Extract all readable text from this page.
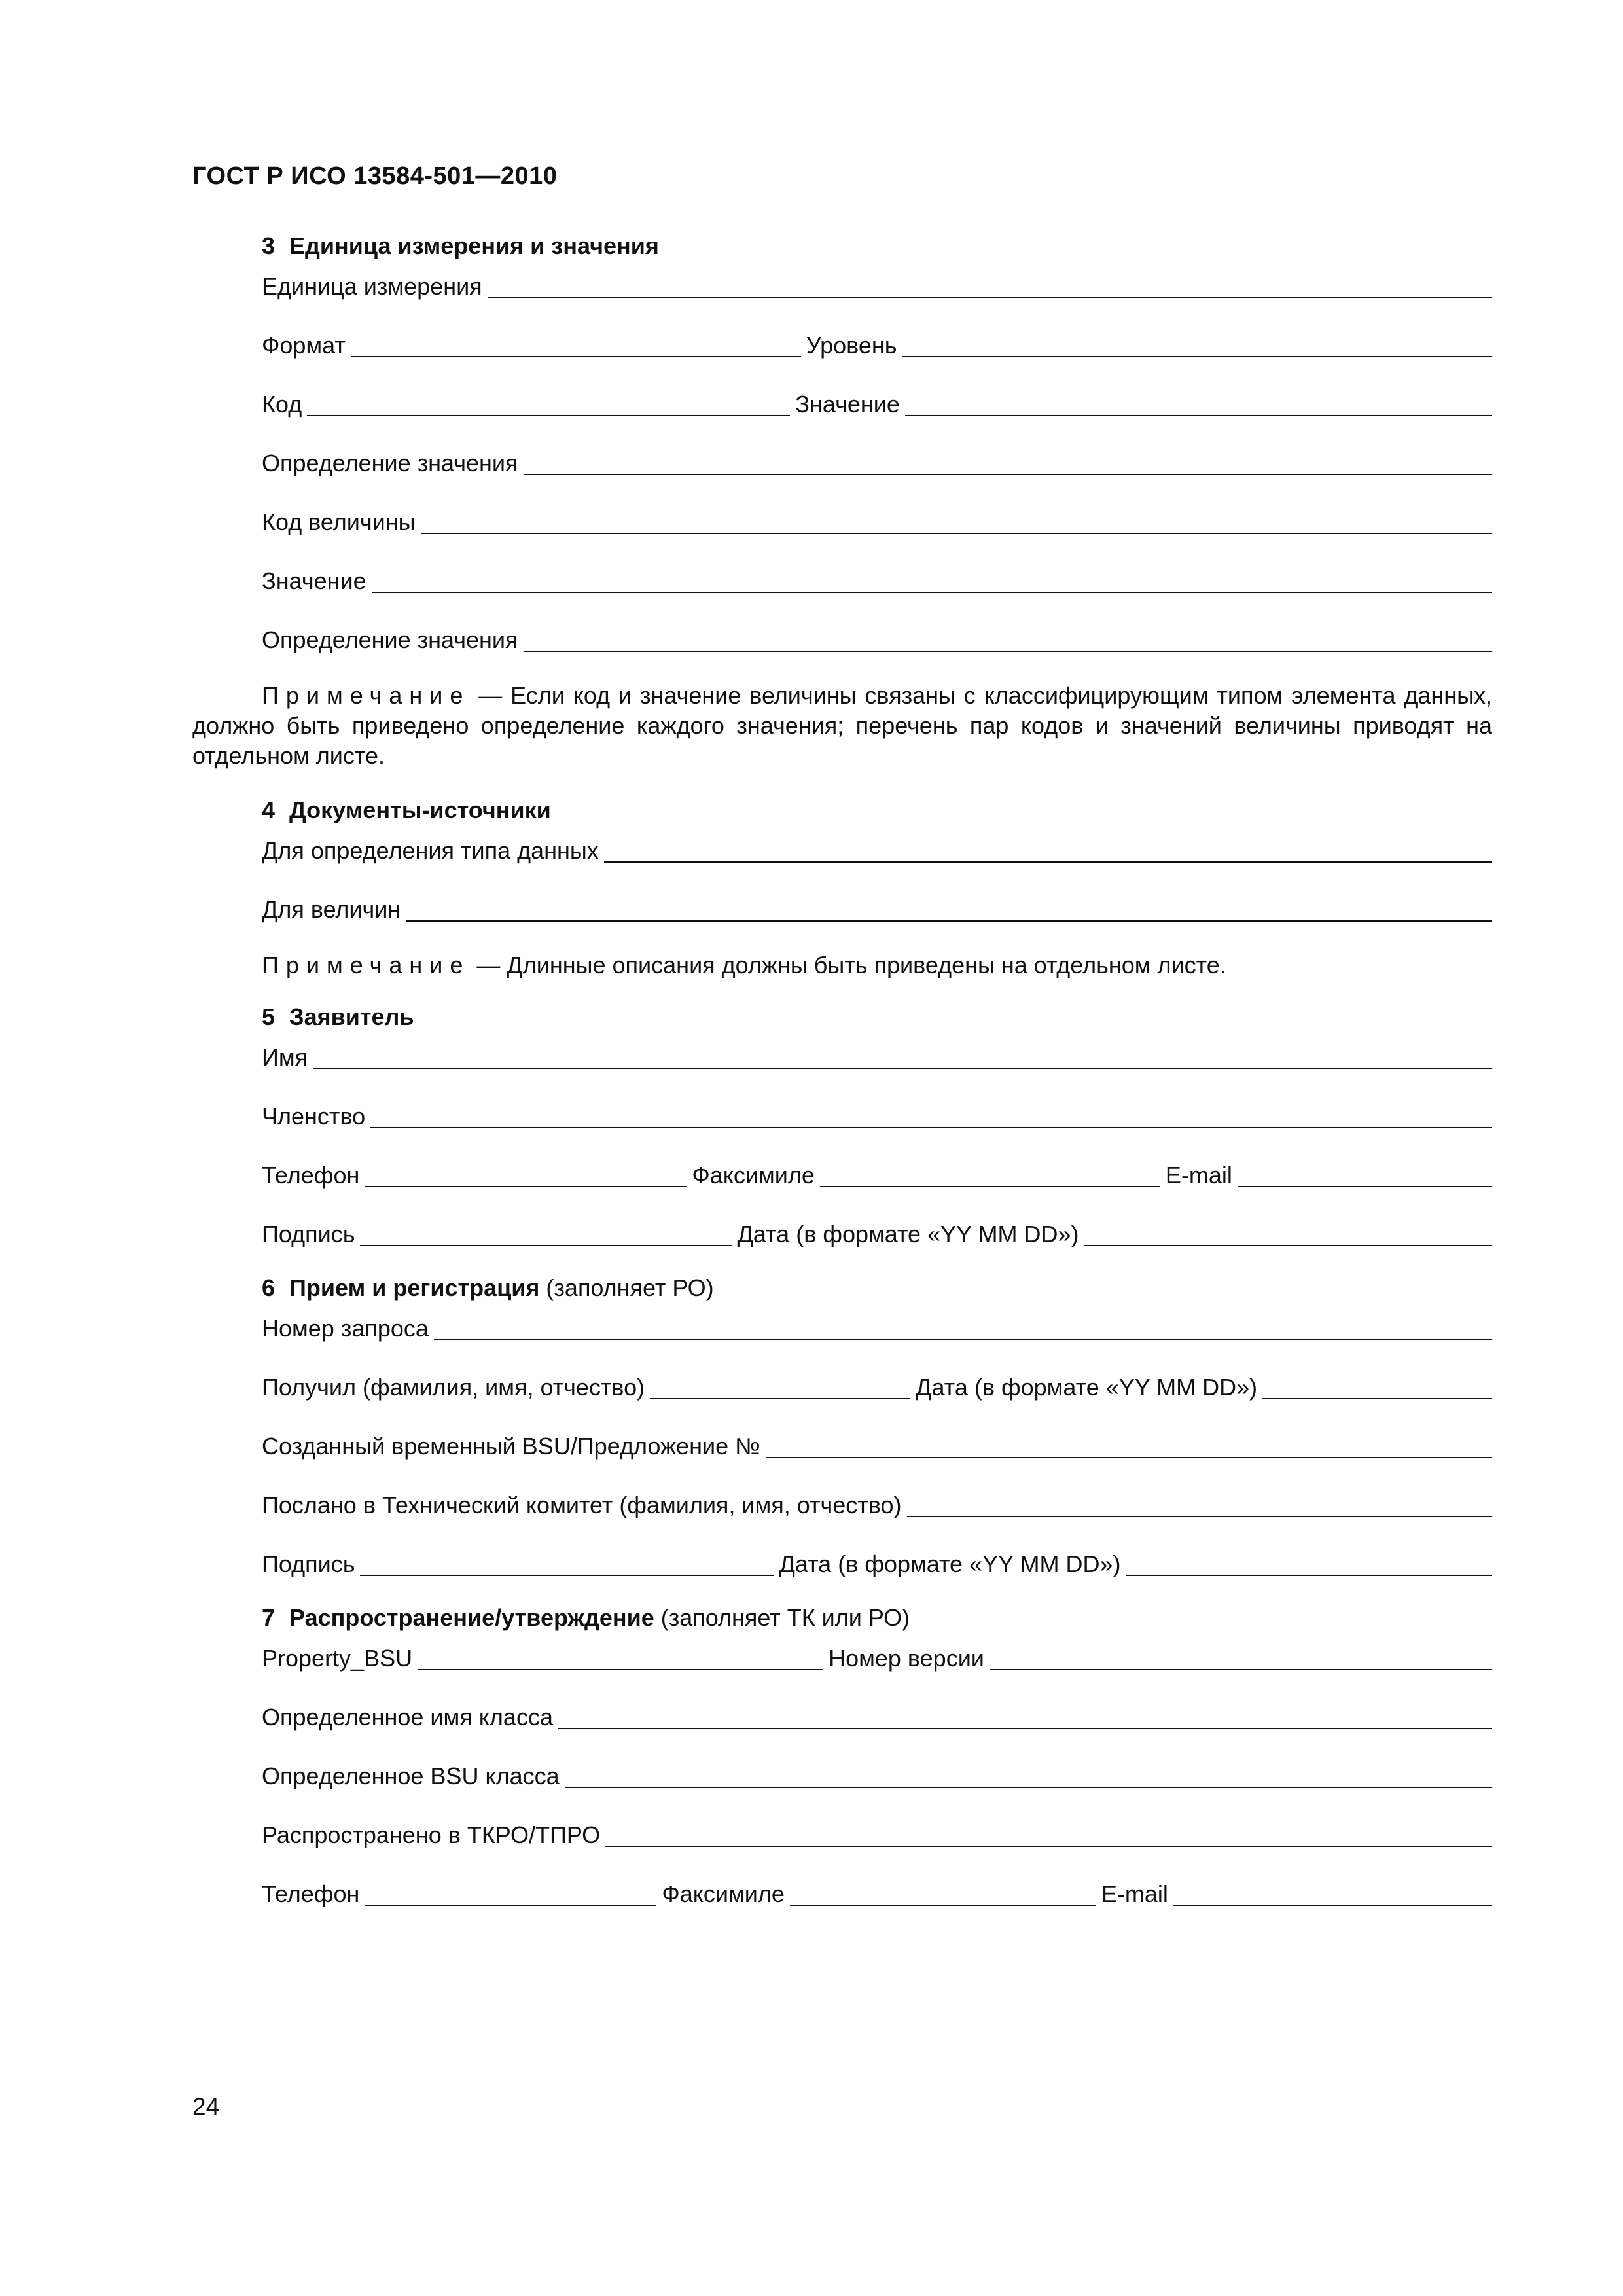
ГОСТ Р ИСО 13584-501—2010
3 Единица измерения и значения
Единица измерения
Формат	Уровень
Код	Значение
Определение значения
Код величины
Значение
Определение значения
Примечание — Если код и значение величины связаны с классифицирующим типом элемента данных, должно быть приведено определение каждого значения; перечень пар кодов и значений величины приводят на отдельном листе.
4 Документы-источники
Для определения типа данных
Для величин
Примечание — Длинные описания должны быть приведены на отдельном листе.
5 Заявитель
Имя
Членство
Телефон	Факсимиле	E-mail
Подпись	Дата (в формате «YY MM DD»)
6 Прием и регистрация (заполняет РО)
Номер запроса
Получил (фамилия, имя, отчество)	Дата (в формате «YY MM DD»)
Созданный временный BSU/Предложение №
Послано в Технический комитет (фамилия, имя, отчество)
Подпись	Дата (в формате «YY MM DD»)
7 Распространение/утверждение (заполняет ТК или РО)
Property_BSU	Номер версии
Определенное имя класса
Определенное BSU класса
Распространено в ТКРО/ТПРО
Телефон	Факсимиле	E-mail
24
